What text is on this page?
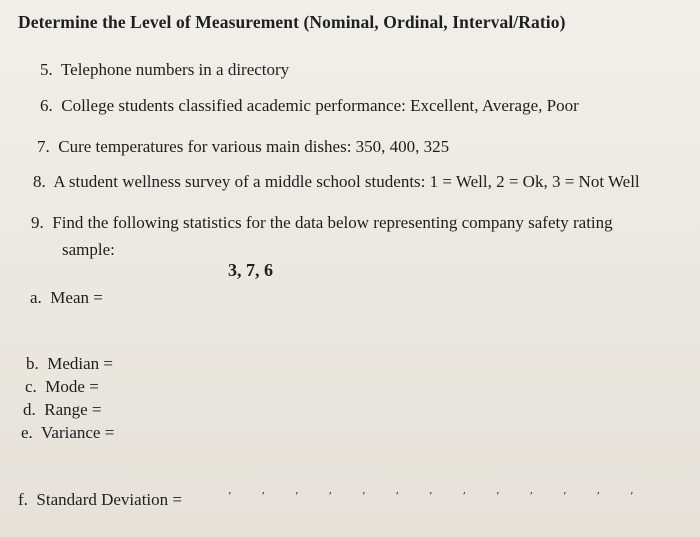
Determine the Level of Measurement (Nominal, Ordinal, Interval/Ratio)
5. Telephone numbers in a directory
6. College students classified academic performance: Excellent, Average, Poor
7. Cure temperatures for various main dishes: 350, 400, 325
8. A student wellness survey of a middle school students: 1 = Well, 2 = Ok, 3 = Not Well
9. Find the following statistics for the data below representing company safety rating
sample:
3, 7, 6
a. Mean =
b. Median =
c. Mode =
d. Range =
e. Variance =
f. Standard Deviation =	’’’’’’’’’’’’’
